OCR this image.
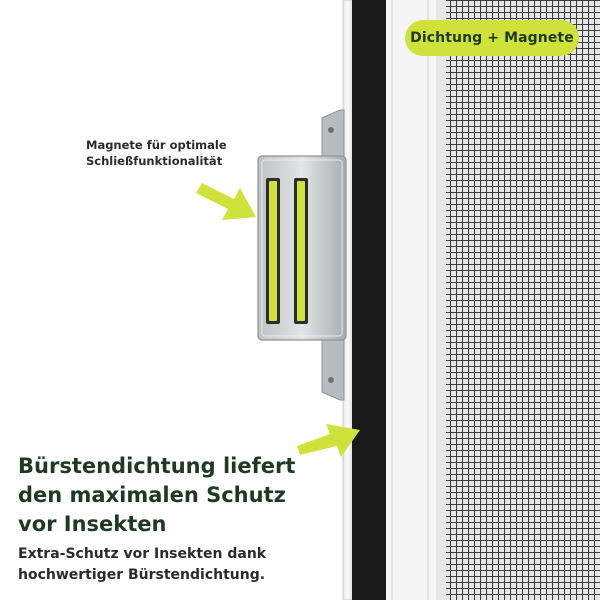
Dichtung + Magnete
Magnete für optimale
Schließfunktionalität
Bürstendichtung liefert
den maximalen Schutz
vor Insekten
Extra-Schutz vor Insekten dank
hochwertiger Bürstendichtung.
